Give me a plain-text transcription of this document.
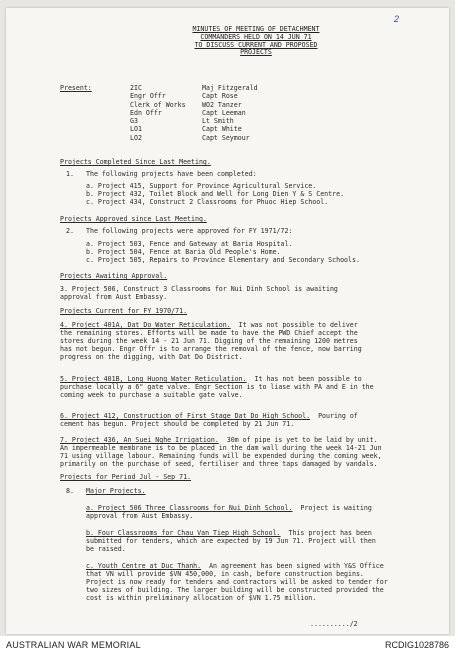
2
MINUTES OF MEETING OF DETACHMENT
COMMANDERS HELD ON 14 JUN 71
TO DISCUSS CURRENT AND PROPOSED
PROJECTS
Present:	2IC
Engr Offr
Clerk of Works
Edn Offr
G3
LO1
LO2
Maj Fitzgerald
Capt Rose
WO2 Tanzer
Capt Leeman
Lt Smith
Capt White
Capt Seymour
Projects Completed Since Last Meeting.
1. The following projects have been completed:
a. Project 415, Support for Province Agricultural Service.
b. Project 432, Toilet Block and Well for Long Dien Y & S Centre.
c. Project 434, Construct 2 Classrooms for Phuoc Hiep School.
Projects Approved since Last Meeting.
2. The following projects were approved for FY 1971/72:
a. Project 503, Fence and Gateway at Baria Hospital.
b. Project 504, Fence at Baria Old People's Home.
c. Project 505, Repairs to Province Elementary and Secondary Schools.
Projects Awaiting Approval.
3. Project 506, Construct 3 Classrooms for Nui Dinh School is awaiting
approval from Aust Embassy.
Projects Current for FY 1970/71.
4. Project 401A, Dat Do Water Reticulation. It was not possible to deliver
the remaining stores. Efforts will be made to have the PWD Chief accept the
stores during the week 14 - 21 Jun 71. Digging of the remaining 1200 metres
has not begun. Engr Offr is to arrange the removal of the fence, now barring
progress on the digging, with Dat Do District.
5. Project 401B, Long Huong Water Reticulation. It has not been possible to
purchase locally a 6" gate valve. Engr Section is to liase with PA and E in the
coming week to purchase a suitable gate valve.
6. Project 412, Construction of First Stage Dat Do High School. Pouring of
cement has begun. Project should be completed by 21 Jun 71.
7. Project 436, An Suei Nghe Irrigation. 30m of pipe is yet to be laid by unit.
An impermeable membrane is to be placed in the dam wall during the week 14-21 Jun
71 using village labour. Remaining funds will be expended during the coming week,
primarily on the purchase of seed, fertiliser and three taps damaged by vandals.
Projects for Period Jul - Sep 71.
8. Major Projects.
a. Project 506 Three Classrooms for Nui Dinh School. Project is waiting
approval from Aust Embassy.
b. Four Classrooms for Chau Van Tiep High School. This project has been
submitted for tenders, which are expected by 19 Jun 71. Project will then
be raised.
c. Youth Centre at Duc Thanh. An agreement has been signed with Y&S Office
that VN will provide $VN 450,000, in cash, before construction begins.
Project is now ready for tenders and contractors will be asked to tender for
two sizes of building. The larger building will be constructed provided the
cost is within preliminary allocation of $VN 1.75 million.
........../2
AUSTRALIAN WAR MEMORIAL	RCDIG1028786
